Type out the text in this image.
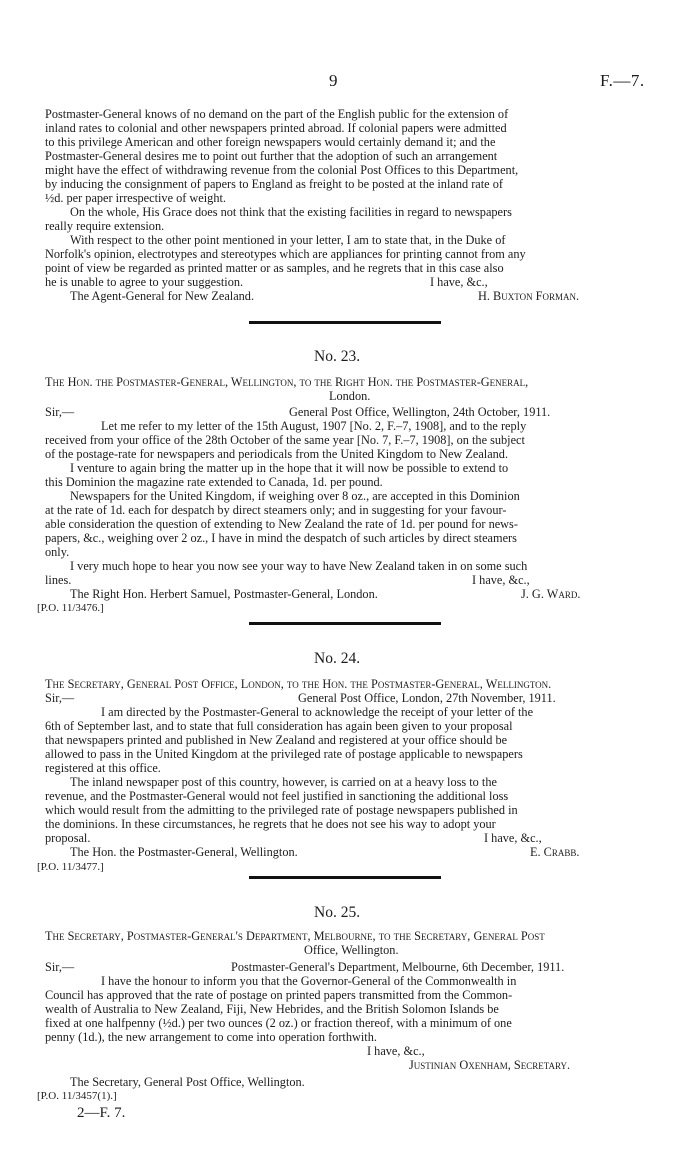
9	F.—7.
Postmaster-General knows of no demand on the part of the English public for the extension of
inland rates to colonial and other newspapers printed abroad. If colonial papers were admitted
to this privilege American and other foreign newspapers would certainly demand it; and the
Postmaster-General desires me to point out further that the adoption of such an arrangement
might have the effect of withdrawing revenue from the colonial Post Offices to this Department,
by inducing the consignment of papers to England as freight to be posted at the inland rate of
½d. per paper irrespective of weight.
On the whole, His Grace does not think that the existing facilities in regard to newspapers
really require extension.
With respect to the other point mentioned in your letter, I am to state that, in the Duke of
Norfolk's opinion, electrotypes and stereotypes which are appliances for printing cannot from any
point of view be regarded as printed matter or as samples, and he regrets that in this case also
he is unable to agree to your suggestion.	I have, &c.,
The Agent-General for New Zealand.	H. Buxton Forman.
No. 23.
The Hon. the Postmaster-General, Wellington, to the Right Hon. the Postmaster-General,
London.
Sir,—	General Post Office, Wellington, 24th October, 1911.
Let me refer to my letter of the 15th August, 1907 [No. 2, F.–7, 1908], and to the reply
received from your office of the 28th October of the same year [No. 7, F.–7, 1908], on the subject
of the postage-rate for newspapers and periodicals from the United Kingdom to New Zealand.
I venture to again bring the matter up in the hope that it will now be possible to extend to
this Dominion the magazine rate extended to Canada, 1d. per pound.
Newspapers for the United Kingdom, if weighing over 8 oz., are accepted in this Dominion
at the rate of 1d. each for despatch by direct steamers only; and in suggesting for your favour-
able consideration the question of extending to New Zealand the rate of 1d. per pound for news-
papers, &c., weighing over 2 oz., I have in mind the despatch of such articles by direct steamers
only.
I very much hope to hear you now see your way to have New Zealand taken in on some such
lines.	I have, &c.,
The Right Hon. Herbert Samuel, Postmaster-General, London.	J. G. Ward.
[P.O. 11/3476.]
No. 24.
The Secretary, General Post Office, London, to the Hon. the Postmaster-General, Wellington.
Sir,—	General Post Office, London, 27th November, 1911.
I am directed by the Postmaster-General to acknowledge the receipt of your letter of the
6th of September last, and to state that full consideration has again been given to your proposal
that newspapers printed and published in New Zealand and registered at your office should be
allowed to pass in the United Kingdom at the privileged rate of postage applicable to newspapers
registered at this office.
The inland newspaper post of this country, however, is carried on at a heavy loss to the
revenue, and the Postmaster-General would not feel justified in sanctioning the additional loss
which would result from the admitting to the privileged rate of postage newspapers published in
the dominions. In these circumstances, he regrets that he does not see his way to adopt your
proposal.	I have, &c.,
The Hon. the Postmaster-General, Wellington.	E. Crabb.
[P.O. 11/3477.]
No. 25.
The Secretary, Postmaster-General's Department, Melbourne, to the Secretary, General Post
Office, Wellington.
Sir,—	Postmaster-General's Department, Melbourne, 6th December, 1911.
I have the honour to inform you that the Governor-General of the Commonwealth in
Council has approved that the rate of postage on printed papers transmitted from the Common-
wealth of Australia to New Zealand, Fiji, New Hebrides, and the British Solomon Islands be
fixed at one halfpenny (½d.) per two ounces (2 oz.) or fraction thereof, with a minimum of one
penny (1d.), the new arrangement to come into operation forthwith.
I have, &c.,
Justinian Oxenham, Secretary.
The Secretary, General Post Office, Wellington.
[P.O. 11/3457(1).]
2—F. 7.
